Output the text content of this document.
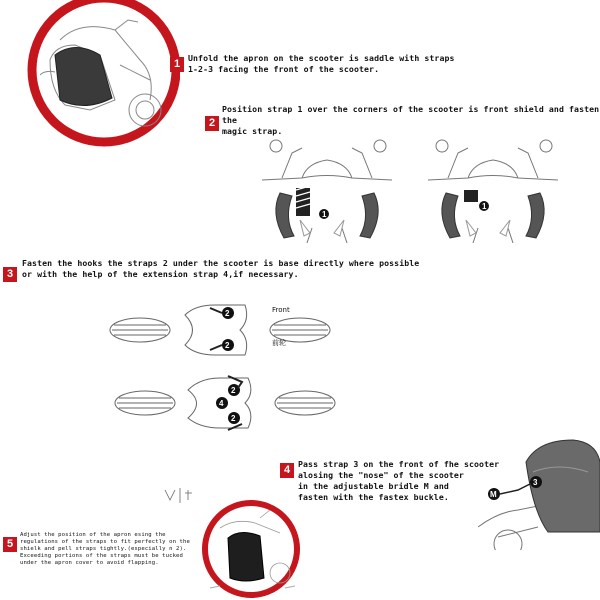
1 Unfold the apron on the scooter is saddle with straps
1-2-3 facing the front of the scooter.
2
Position strap 1 over the corners of the scooter is front shield and fasten the
magic strap.
1
1
3
Fasten the hooks the straps 2 under the scooter is base directly where possible
or with the help of the extension strap 4,if necessary.
2
2
Front
前轮
2
4
2
4 Pass strap 3 on the front of fhe scooter
alosing the "nose" of the scooter
in the adjustable bridle M and
fasten with the fastex buckle.
3
M
5
Adjust the position of the apron esing the
regulations of the straps to fit perfectly on the
shielk and pell straps tightly.(especially n 2).
Exceeding portions of the straps must be tucked
under the apron cover to avoid flapping.
